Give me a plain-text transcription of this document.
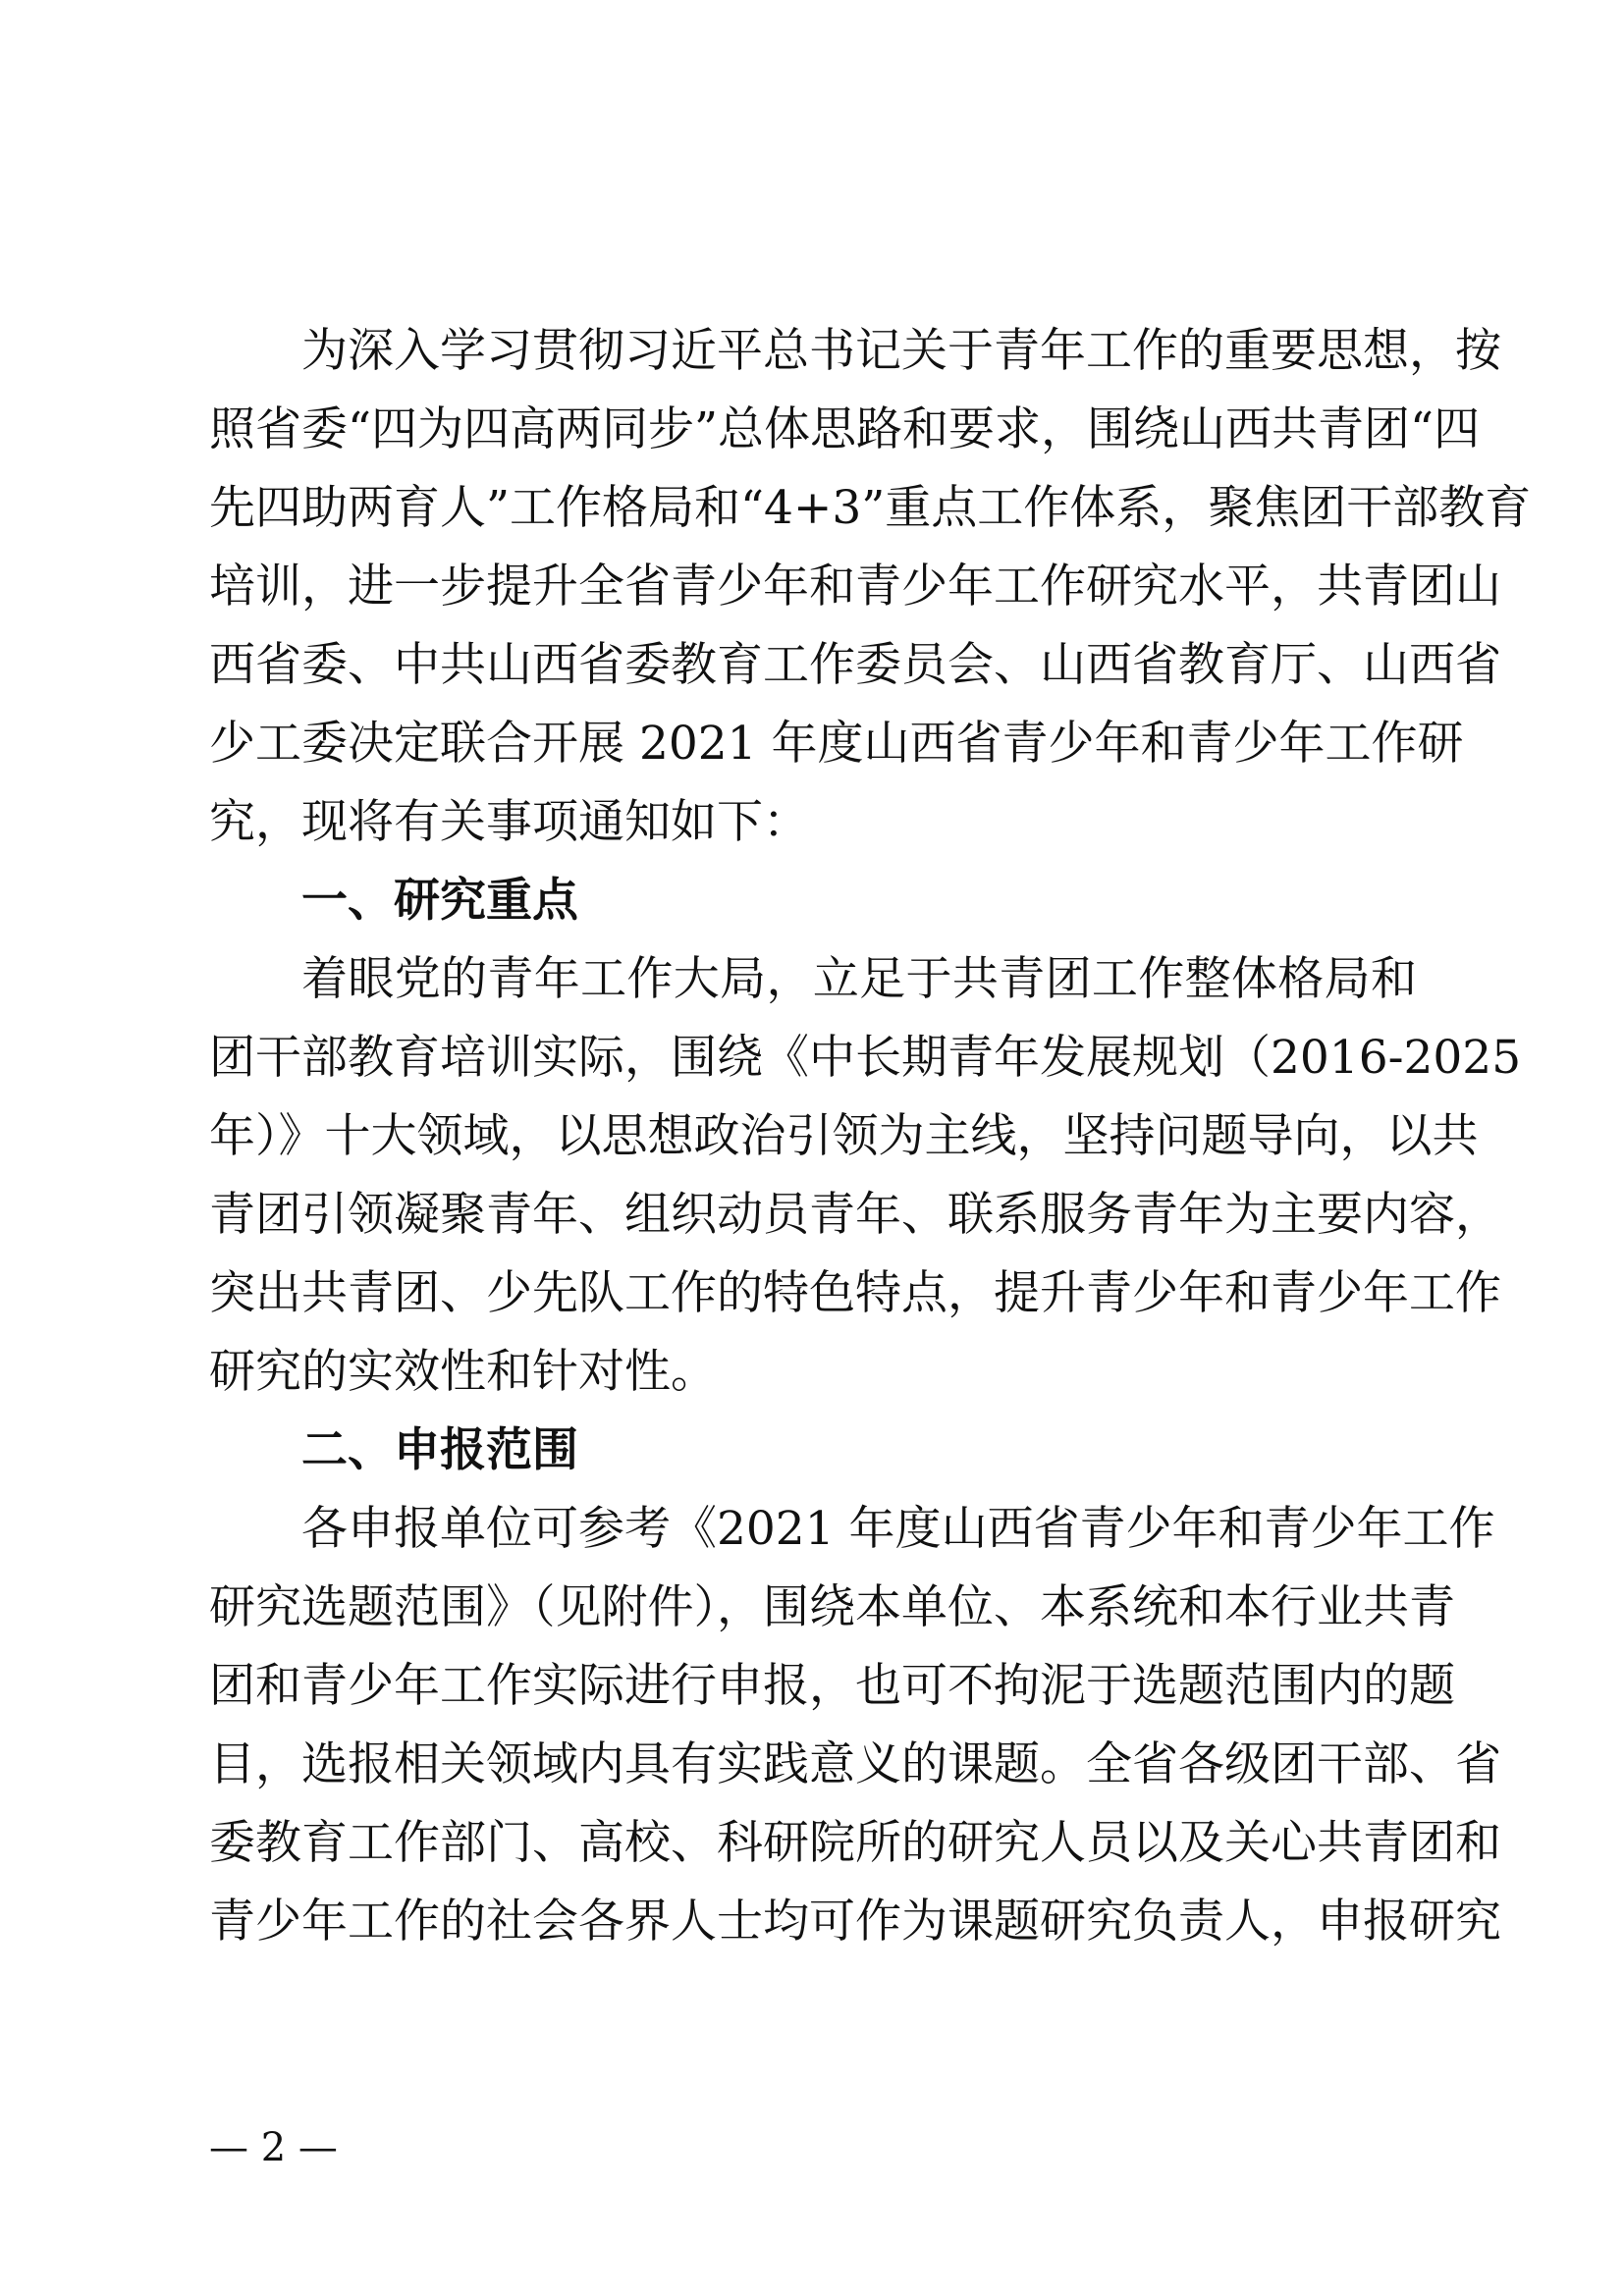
为深入学习贯彻习近平总书记关于青年工作的重要思想，按
照省委“四为四高两同步”总体思路和要求，围绕山西共青团“四
先四助两育人”工作格局和“4+3”重点工作体系，聚焦团干部教育
培训，进一步提升全省青少年和青少年工作研究水平，共青团山
西省委、中共山西省委教育工作委员会、山西省教育厅、山西省
少工委决定联合开展 2021 年度山西省青少年和青少年工作研
究，现将有关事项通知如下：
一、研究重点
着眼党的青年工作大局，立足于共青团工作整体格局和
团干部教育培训实际，围绕《中长期青年发展规划（2016-2025
年）》十大领域，以思想政治引领为主线，坚持问题导向，以共
青团引领凝聚青年、组织动员青年、联系服务青年为主要内容，
突出共青团、少先队工作的特色特点，提升青少年和青少年工作
研究的实效性和针对性。
二、申报范围
各申报单位可参考《2021 年度山西省青少年和青少年工作
研究选题范围》（见附件），围绕本单位、本系统和本行业共青
团和青少年工作实际进行申报，也可不拘泥于选题范围内的题
目，选报相关领域内具有实践意义的课题。全省各级团干部、省
委教育工作部门、高校、科研院所的研究人员以及关心共青团和
青少年工作的社会各界人士均可作为课题研究负责人，申报研究
— 2 —
